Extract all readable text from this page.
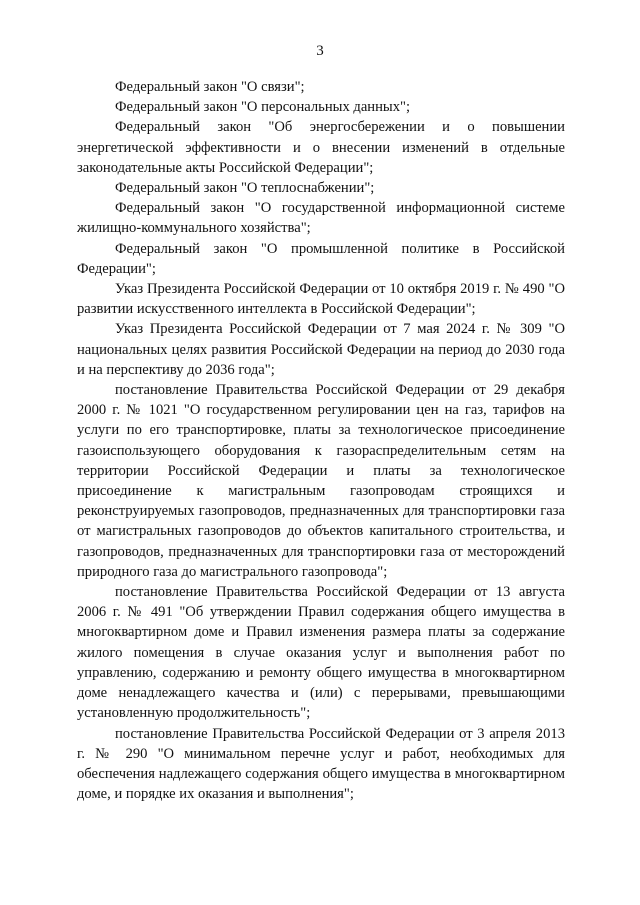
3

Федеральный закон "О связи";

Федеральный закон "О персональных данных";

Федеральный закон "Об энергосбережении и о повышении энергетической эффективности и о внесении изменений в отдельные законодательные акты Российской Федерации";

Федеральный закон "О теплоснабжении";

Федеральный закон "О государственной информационной системе жилищно-коммунального хозяйства";

Федеральный закон "О промышленной политике в Российской Федерации";

Указ Президента Российской Федерации от 10 октября 2019 г. № 490 "О развитии искусственного интеллекта в Российской Федерации";

Указ Президента Российской Федерации от 7 мая 2024 г. № 309 "О национальных целях развития Российской Федерации на период до 2030 года и на перспективу до 2036 года";

постановление Правительства Российской Федерации от 29 декабря 2000 г. № 1021 "О государственном регулировании цен на газ, тарифов на услуги по его транспортировке, платы за технологическое присоединение газоиспользующего оборудования к газораспределительным сетям на территории Российской Федерации и платы за технологическое присоединение к магистральным газопроводам строящихся и реконструируемых газопроводов, предназначенных для транспортировки газа от магистральных газопроводов до объектов капитального строительства, и газопроводов, предназначенных для транспортировки газа от месторождений природного газа до магистрального газопровода";

постановление Правительства Российской Федерации от 13 августа 2006 г. № 491 "Об утверждении Правил содержания общего имущества в многоквартирном доме и Правил изменения размера платы за содержание жилого помещения в случае оказания услуг и выполнения работ по управлению, содержанию и ремонту общего имущества в многоквартирном доме ненадлежащего качества и (или) с перерывами, превышающими установленную продолжительность";

постановление Правительства Российской Федерации от 3 апреля 2013 г. № 290 "О минимальном перечне услуг и работ, необходимых для обеспечения надлежащего содержания общего имущества в многоквартирном доме, и порядке их оказания и выполнения";
